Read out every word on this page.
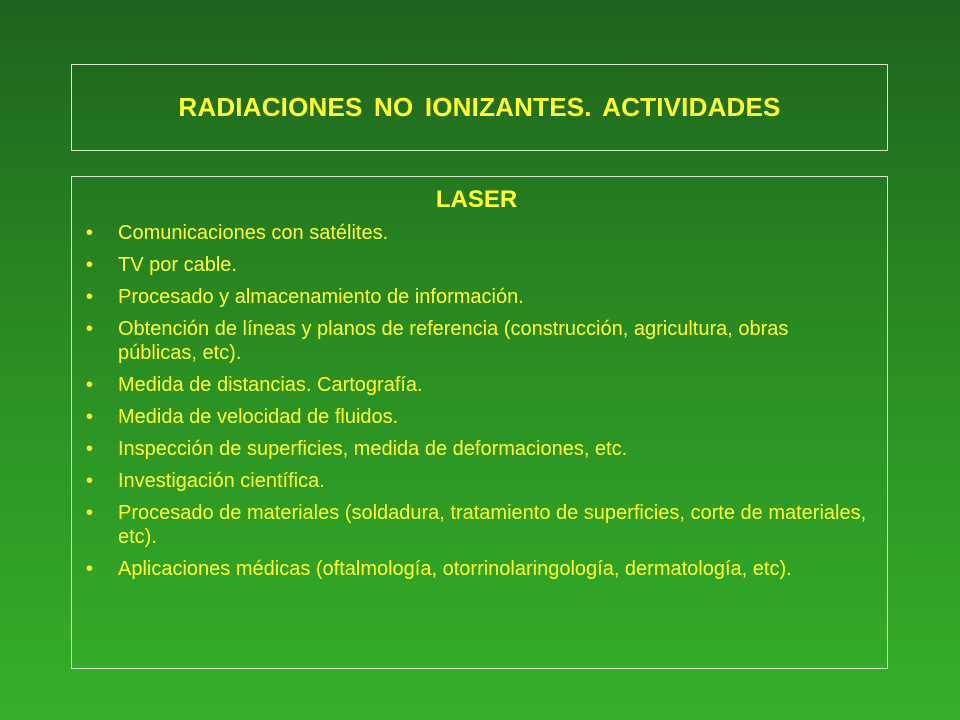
RADIACIONES NO IONIZANTES. ACTIVIDADES
LASER
•	Comunicaciones con satélites.
•	TV por cable.
•	Procesado y almacenamiento de información.
•	Obtención de líneas y planos de referencia (construcción, agricultura, obras públicas, etc).
•	Medida de distancias. Cartografía.
•	Medida de velocidad de fluidos.
•	Inspección de superficies, medida de deformaciones, etc.
•	Investigación científica.
•	Procesado de materiales (soldadura, tratamiento de superficies, corte de materiales, etc).
•	Aplicaciones médicas (oftalmología, otorrinolaringología, dermatología, etc).
